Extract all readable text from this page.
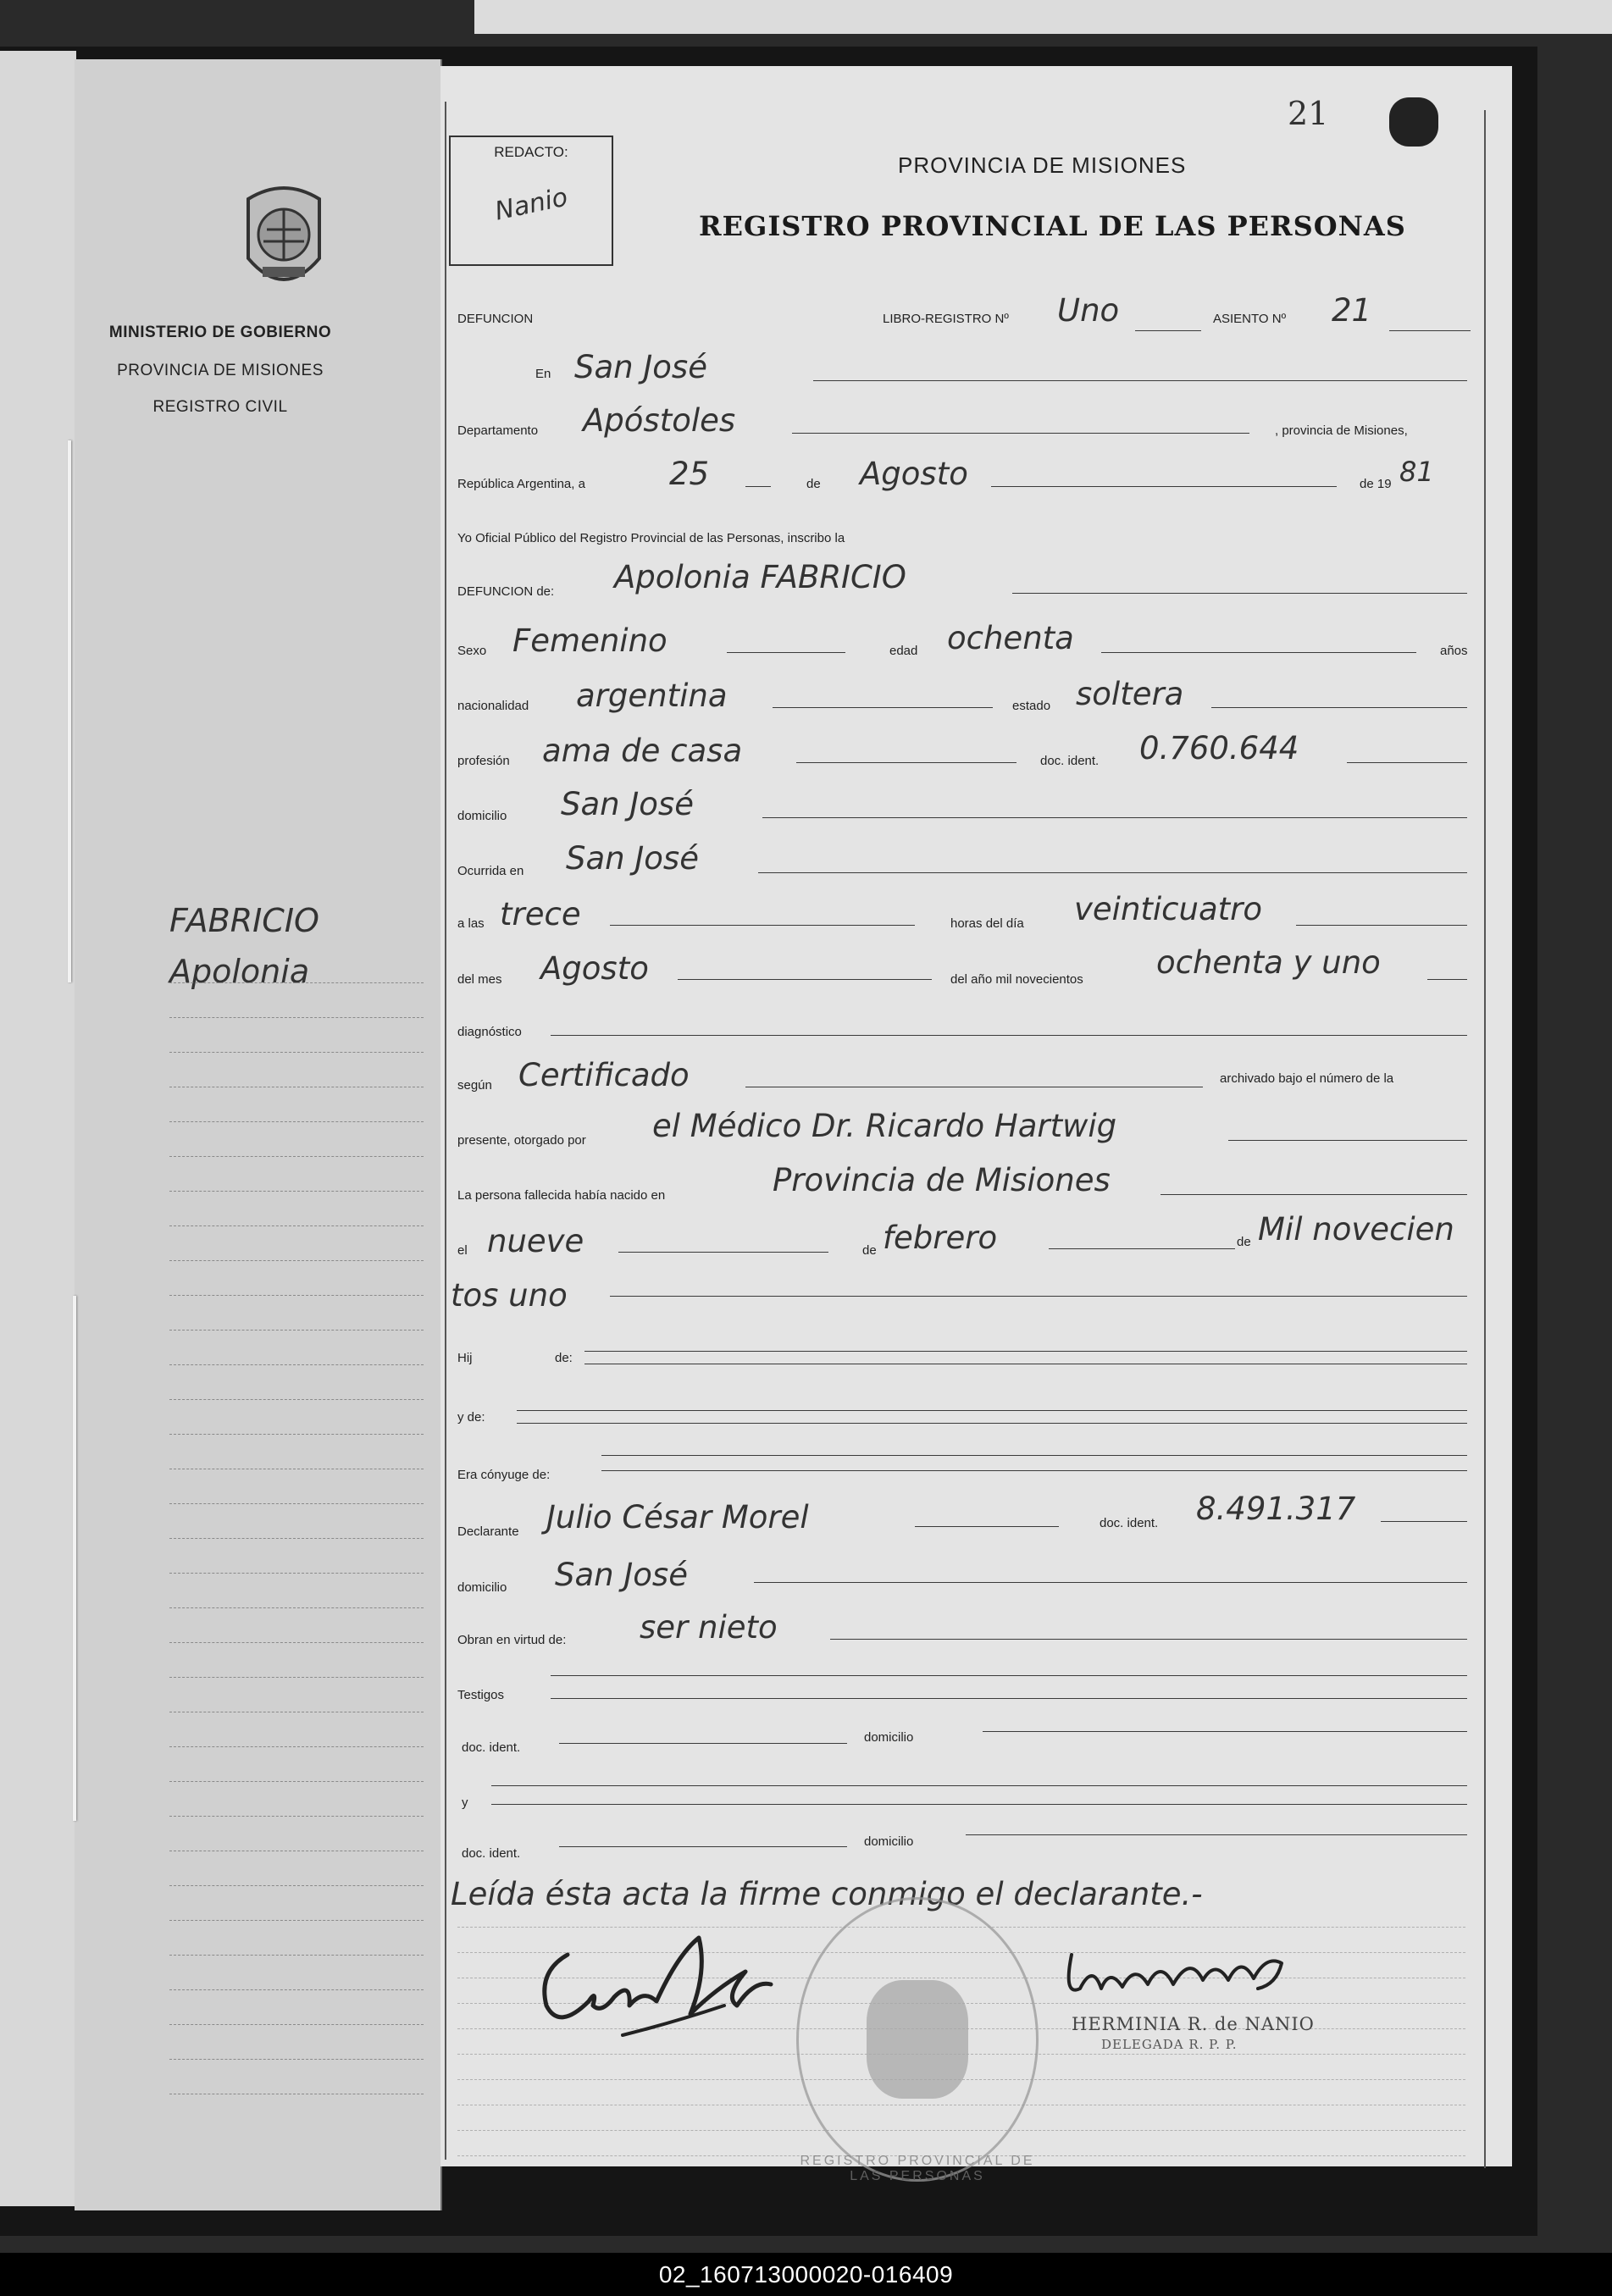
MINISTERIO DE GOBIERNO
PROVINCIA DE MISIONES
REGISTRO CIVIL
FABRICIO
Apolonia
21
REDACTO:
Nanio
PROVINCIA DE MISIONES
REGISTRO PROVINCIAL DE LAS PERSONAS
DEFUNCION	LIBRO-REGISTRO Nº Uno	ASIENTO Nº 21
En San José
Departamento Apóstoles	, provincia de Misiones,
República Argentina, a	25	de Agosto	de 19 81
Yo Oficial Público del Registro Provincial de las Personas, inscribo la
DEFUNCION de: Apolonia FABRICIO
Sexo Femenino	edad ochenta	años
nacionalidad argentina	estado soltera
profesión ama de casa	doc. ident. 0.760.644
domicilio San José
Ocurrida en San José
a las trece	horas del día veinticuatro
del mes Agosto	del año mil novecientos ochenta y uno
diagnóstico
según Certificado	archivado bajo el número de la
presente, otorgado por el Médico Dr. Ricardo Hartwig
La persona fallecida había nacido en	Provincia de Misiones
el nueve	de febrero	de Mil novecien
tos uno
Hij	de:
y de:
Era cónyuge de:
Declarante Julio César Morel	doc. ident. 8.491.317
domicilio San José
Obran en virtud de: ser nieto
Testigos
doc. ident.
domicilio
y
doc. ident.
domicilio
Leída ésta acta la firme conmigo el declarante.-
REGISTRO PROVINCIAL DE LAS PERSONAS
HERMINIA R. de NANIO
DELEGADA R. P. P.
02_160713000020-016409
